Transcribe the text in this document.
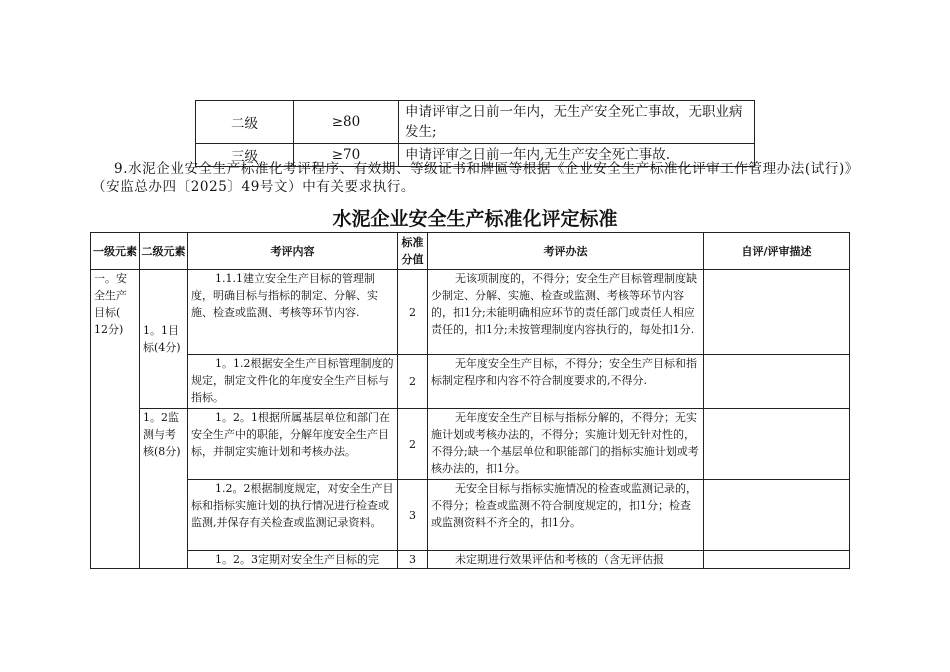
二级	≥80	申请评审之日前一年内，无生产安全死亡事故，无职业病发生;
三级	≥70	申请评审之日前一年内,无生产安全死亡事故.

9.水泥企业安全生产标准化考评程序、有效期、等级证书和牌匾等根据《企业安全生产标准化评审工作管理办法(试行)》（安监总办四〔2025〕49号文）中有关要求执行。

水泥企业安全生产标准化评定标准
一级元素	二级元素	考评内容	标准分值	考评办法	自评/评审描述
一。安全生产目标( 12分)	1。1目标(4分)	1.1.1建立安全生产目标的管理制度，明确目标与指标的制定、分解、实施、检查或监测、考核等环节内容.	2	无该项制度的，不得分；安全生产目标管理制度缺少制定、分解、实施、检查或监测、考核等环节内容的，扣1分;未能明确相应环节的责任部门或责任人相应责任的，扣1分;未按管理制度内容执行的，每处扣1分.	

		1。1.2根据安全生产目标管理制度的规定，制定文件化的年度安全生产目标与指标。	2	无年度安全生产目标，不得分；安全生产目标和指标制定程序和内容不符合制度要求的,不得分.	

	1。2监测与考核(8分)	1。2。1根据所属基层单位和部门在安全生产中的职能，分解年度安全生产目标，并制定实施计划和考核办法。	2	无年度安全生产目标与指标分解的，不得分；无实施计划或考核办法的，不得分；实施计划无针对性的，不得分;缺一个基层单位和职能部门的指标实施计划或考核办法的，扣1分。	

		1.2。2根据制度规定，对安全生产目标和指标实施计划的执行情况进行检查或监测,并保存有关检查或监测记录资料。	3	无安全目标与指标实施情况的检查或监测记录的，不得分；检查或监测不符合制度规定的，扣1分；检查或监测资料不齐全的，扣1分。	

		1。2。3定期对安全生产目标的完	3	未定期进行效果评估和考核的（含无评估报	
